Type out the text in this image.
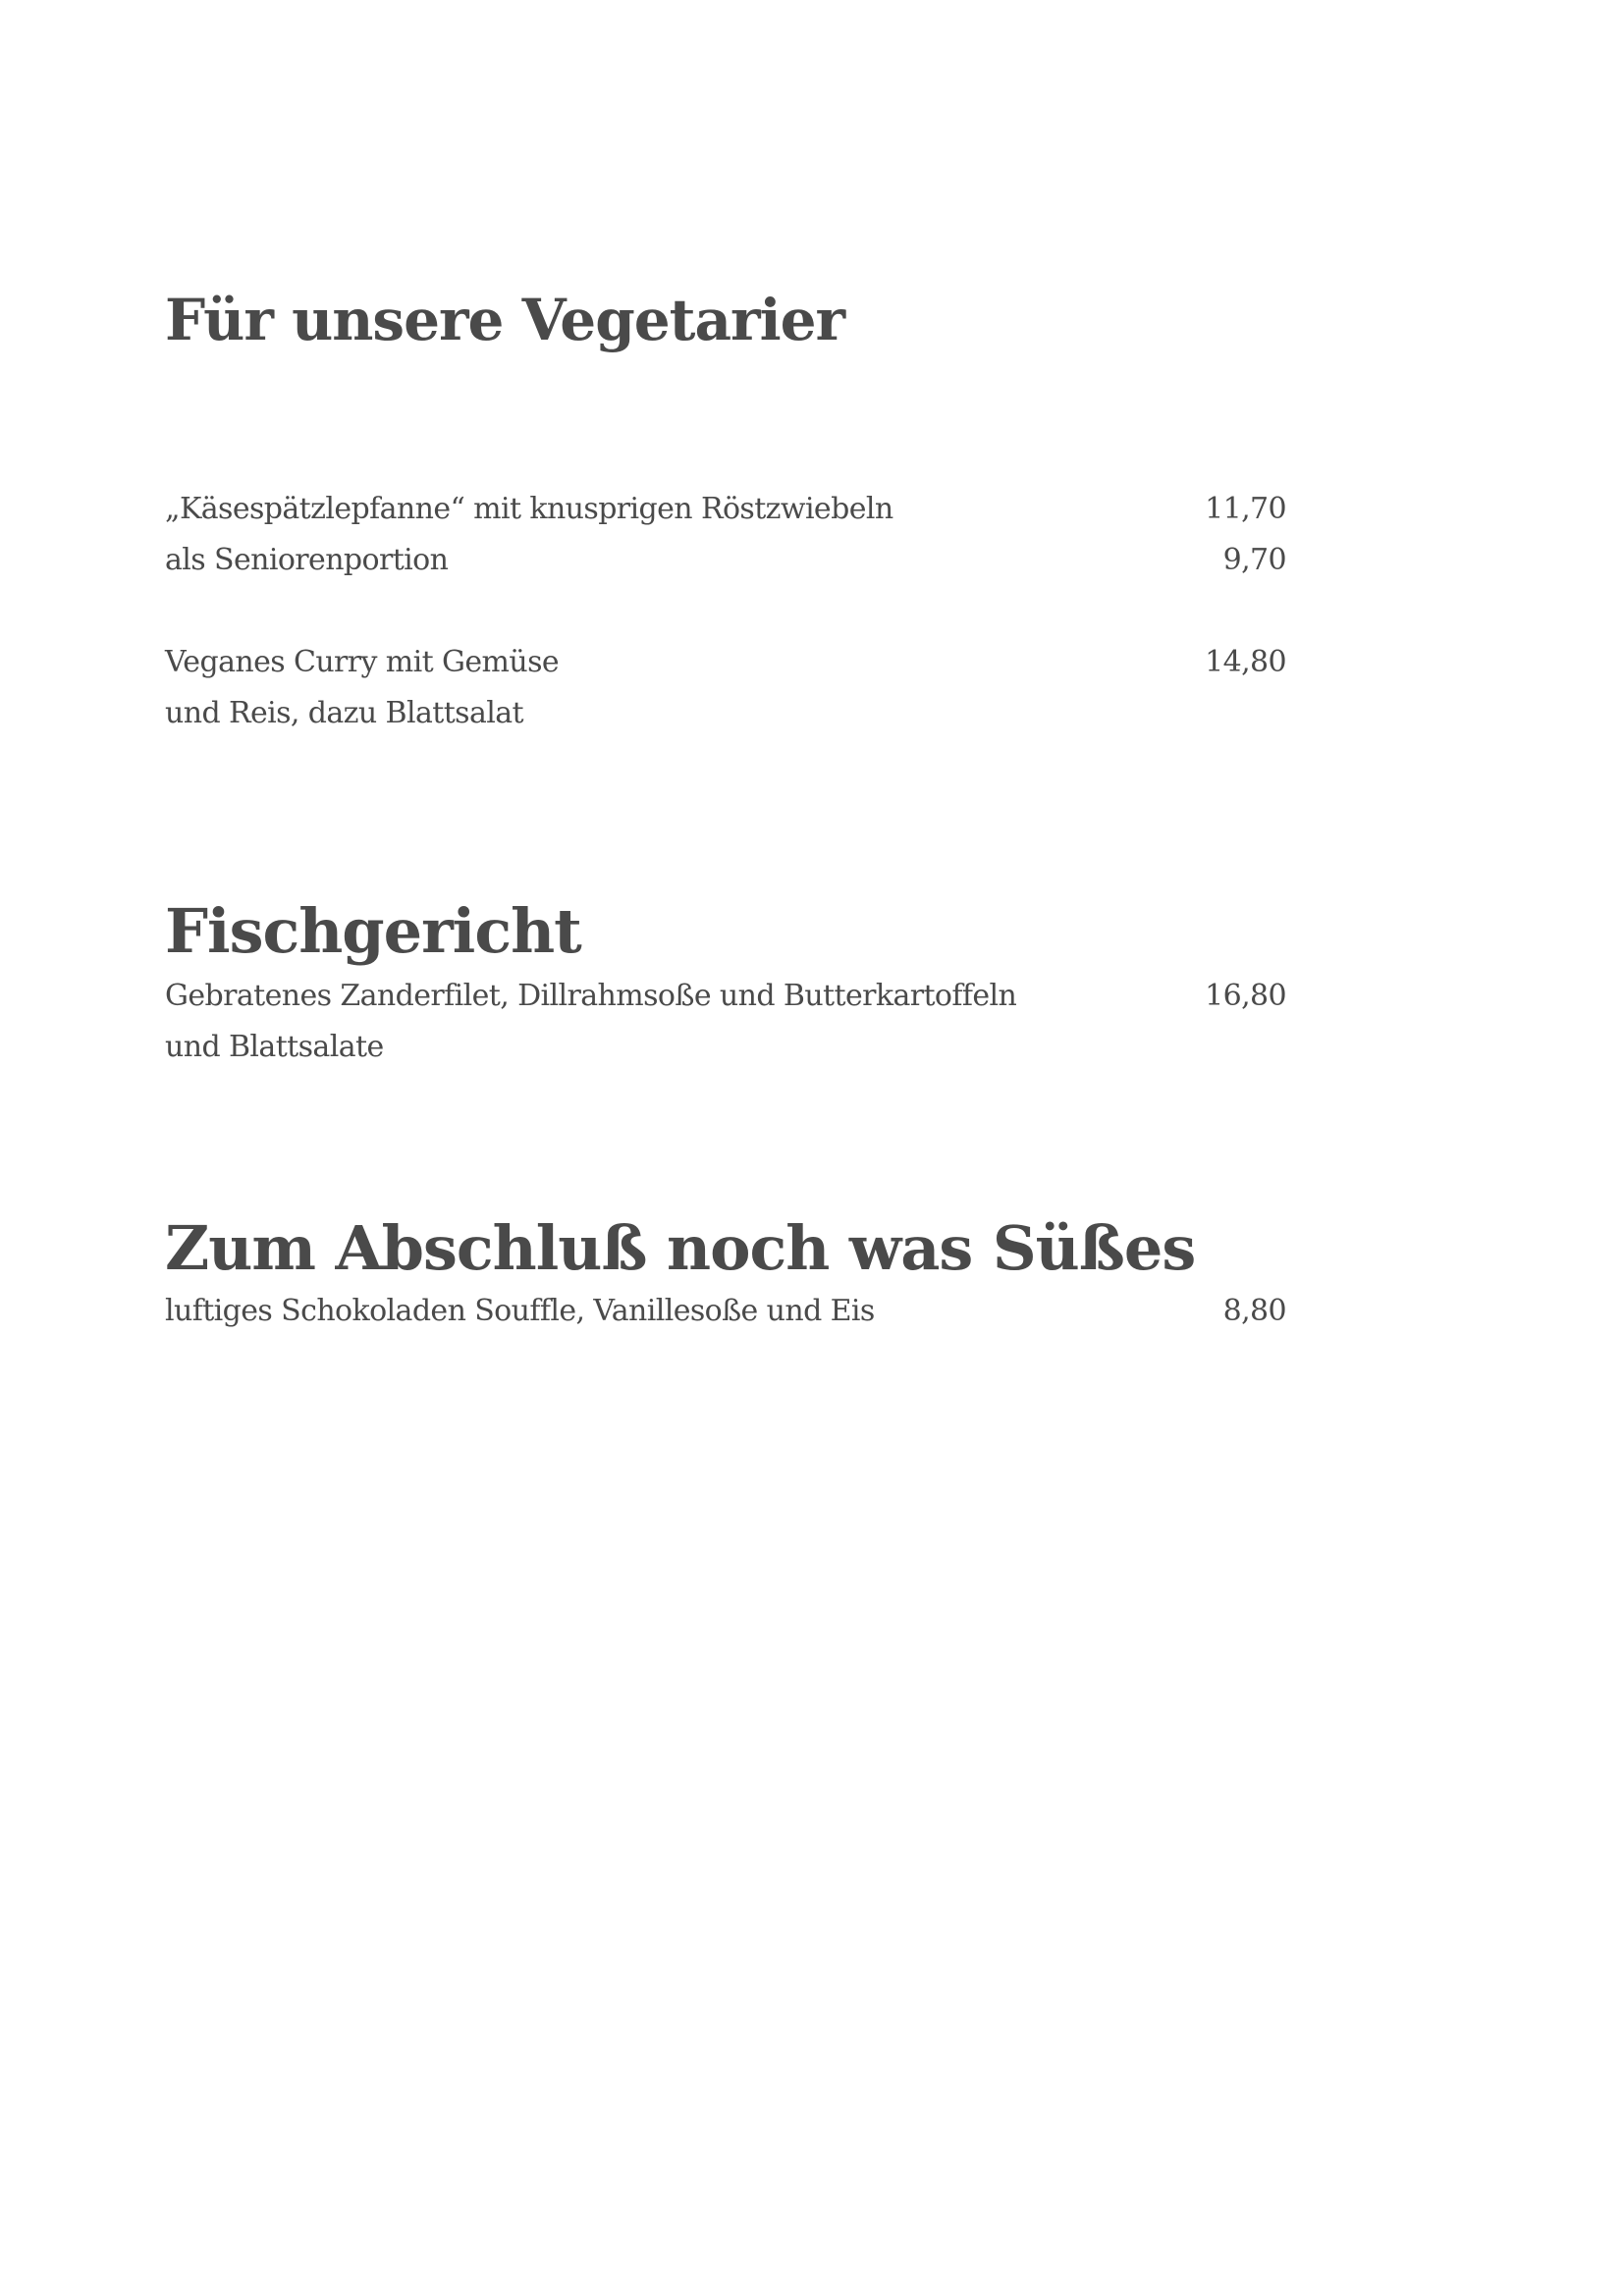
Für unsere Vegetarier
„Käsespätzlepfanne“ mit knusprigen Röstzwiebeln	11,70
als Seniorenportion	9,70
Veganes Curry mit Gemüse	14,80
und Reis, dazu Blattsalat
Fischgericht
Gebratenes Zanderfilet, Dillrahmsoße und Butterkartoffeln	16,80
und Blattsalate
Zum Abschluß noch was Süßes
luftiges Schokoladen Souffle, Vanillesoße und Eis	8,80
